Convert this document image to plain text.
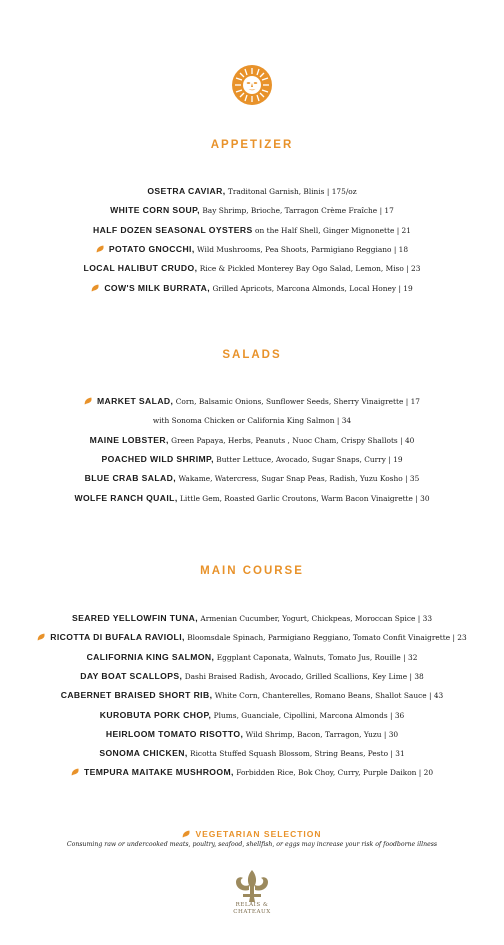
APPETIZER
OSETRA CAVIAR, Traditonal Garnish, Blinis | 175/oz
WHITE CORN SOUP, Bay Shrimp, Brioche, Tarragon Crème Fraîche | 17
HALF DOZEN SEASONAL OYSTERS on the Half Shell, Ginger Mignonette | 21
POTATO GNOCCHI, Wild Mushrooms, Pea Shoots, Parmigiano Reggiano | 18
LOCAL HALIBUT CRUDO, Rice & Pickled Monterey Bay Ogo Salad, Lemon, Miso | 23
COW'S MILK BURRATA, Grilled Apricots, Marcona Almonds, Local Honey | 19
SALADS
MARKET SALAD, Corn, Balsamic Onions, Sunflower Seeds, Sherry Vinaigrette | 17
with Sonoma Chicken or California King Salmon | 34
MAINE LOBSTER, Green Papaya, Herbs, Peanuts , Nuoc Cham, Crispy Shallots | 40
POACHED WILD SHRIMP, Butter Lettuce, Avocado, Sugar Snaps, Curry | 19
BLUE CRAB SALAD, Wakame, Watercress, Sugar Snap Peas, Radish, Yuzu Kosho | 35
WOLFE RANCH QUAIL, Little Gem, Roasted Garlic Croutons, Warm Bacon Vinaigrette | 30
MAIN COURSE
SEARED YELLOWFIN TUNA, Armenian Cucumber, Yogurt, Chickpeas, Moroccan Spice | 33
RICOTTA DI BUFALA RAVIOLI, Bloomsdale Spinach, Parmigiano Reggiano, Tomato Confit Vinaigrette | 23
CALIFORNIA KING SALMON, Eggplant Caponata, Walnuts, Tomato Jus, Rouille | 32
DAY BOAT SCALLOPS, Dashi Braised Radish, Avocado, Grilled Scallions, Key Lime | 38
CABERNET BRAISED SHORT RIB, White Corn, Chanterelles, Romano Beans, Shallot Sauce | 43
KUROBUTA PORK CHOP, Plums, Guanciale, Cipollini, Marcona Almonds | 36
HEIRLOOM TOMATO RISOTTO, Wild Shrimp, Bacon, Tarragon, Yuzu | 30
SONOMA CHICKEN, Ricotta Stuffed Squash Blossom, String Beans, Pesto | 31
TEMPURA MAITAKE MUSHROOM, Forbidden Rice, Bok Choy, Curry, Purple Daikon | 20
VEGETARIAN SELECTION
Consuming raw or undercooked meats, poultry, seafood, shellfish, or eggs may increase your risk of foodborne illness
RELAIS &
CHATEAUX
